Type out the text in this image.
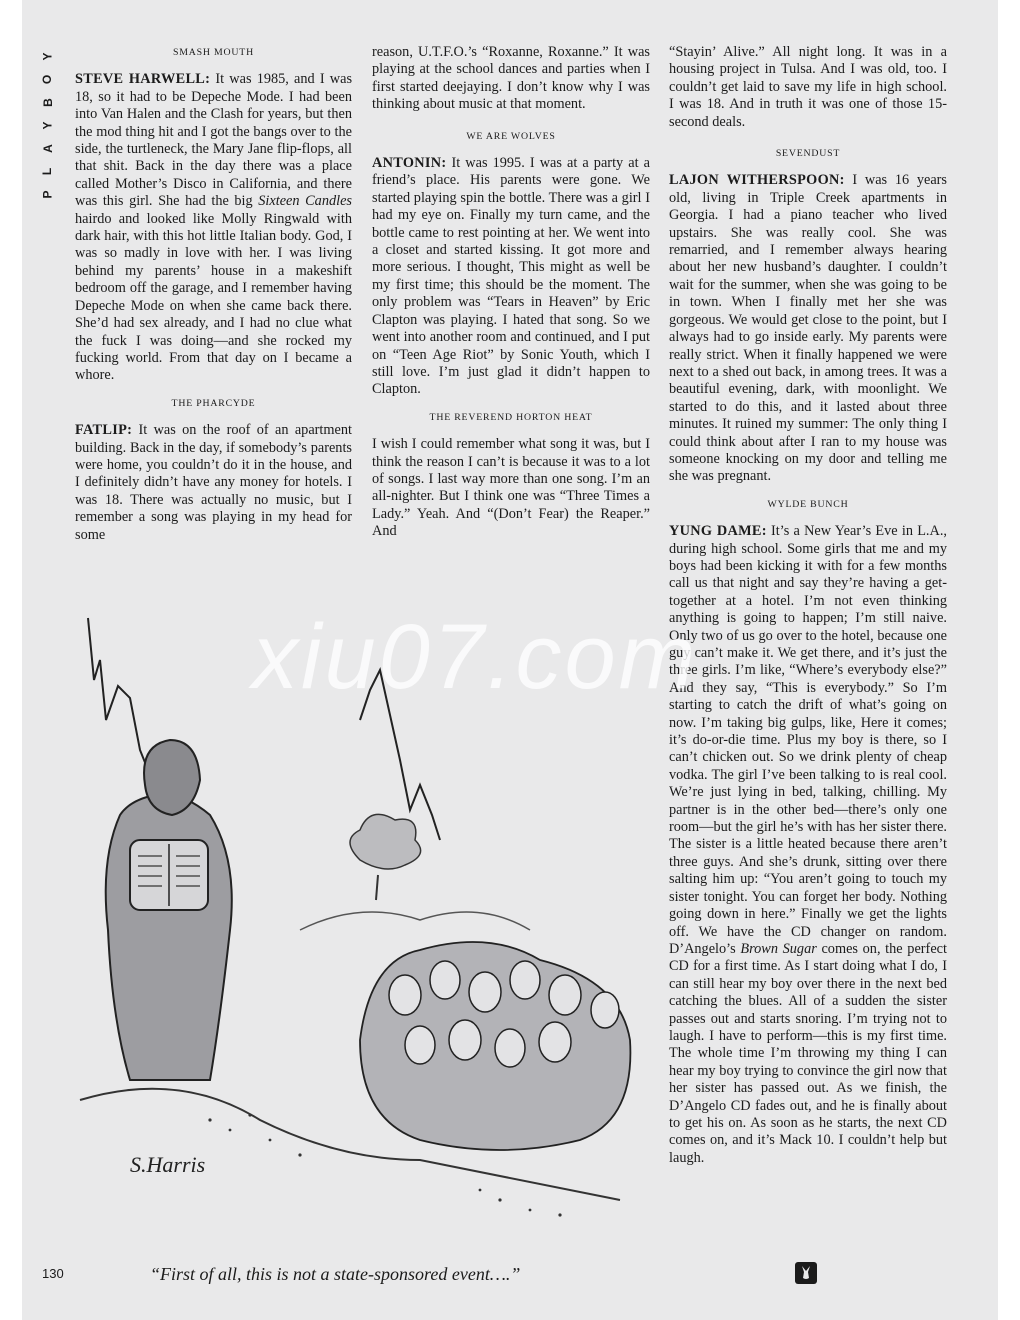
Y
O
B
Y
A
L
P
SMASH MOUTH

STEVE HARWELL: It was 1985, and I was 18, so it had to be Depeche Mode. I had been into Van Halen and the Clash for years, but then the mod thing hit and I got the bangs over to the side, the turtleneck, the Mary Jane flip-flops, all that shit. Back in the day there was a place called Mother’s Disco in California, and there was this girl. She had the big Sixteen Candles hairdo and looked like Molly Ringwald with dark hair, with this hot little Italian body. God, I was so madly in love with her. I was living behind my parents’ house in a makeshift bedroom off the garage, and I remember having Depeche Mode on when she came back there. She’d had sex already, and I had no clue what the fuck I was doing—and she rocked my fucking world. From that day on I became a whore.

THE PHARCYDE

FATLIP: It was on the roof of an apartment building. Back in the day, if somebody’s parents were home, you couldn’t do it in the house, and I definitely didn’t have any money for hotels. I was 18. There was actually no music, but I remember a song was playing in my head for some

reason, U.T.F.O.’s “Roxanne, Roxanne.” It was playing at the school dances and parties when I first started deejaying. I don’t know why I was thinking about music at that moment.

WE ARE WOLVES

ANTONIN: It was 1995. I was at a party at a friend’s place. His parents were gone. We started playing spin the bottle. There was a girl I had my eye on. Finally my turn came, and the bottle came to rest pointing at her. We went into a closet and started kissing. It got more and more serious. I thought, This might as well be my first time; this should be the moment. The only problem was “Tears in Heaven” by Eric Clapton was playing. I hated that song. So we went into another room and continued, and I put on “Teen Age Riot” by Sonic Youth, which I still love. I’m just glad it didn’t happen to Clapton.

THE REVEREND HORTON HEAT

I wish I could remember what song it was, but I think the reason I can’t is because it was to a lot of songs. I last way more than one song. I’m an all-nighter. But I think one was “Three Times a Lady.” Yeah. And “(Don’t Fear) the Reaper.” And

“Stayin’ Alive.” All night long. It was in a housing project in Tulsa. And I was old, too. I couldn’t get laid to save my life in high school. I was 18. And in truth it was one of those 15-second deals.

SEVENDUST

LAJON WITHERSPOON: I was 16 years old, living in Triple Creek apartments in Georgia. I had a piano teacher who lived upstairs. She was really cool. She was remarried, and I remember always hearing about her new husband’s daughter. I couldn’t wait for the summer, when she was going to be in town. When I finally met her she was gorgeous. We would get close to the point, but I always had to go inside early. My parents were really strict. When it finally happened we were next to a shed out back, in among trees. It was a beautiful evening, dark, with moonlight. We started to do this, and it lasted about three minutes. It ruined my summer: The only thing I could think about after I ran to my house was someone knocking on my door and telling me she was pregnant.

WYLDE BUNCH

YUNG DAME: It’s a New Year’s Eve in L.A., during high school. Some girls that me and my boys had been kicking it with for a few months call us that night and say they’re having a get-together at a hotel. I’m not even thinking anything is going to happen; I’m still naive. Only two of us go over to the hotel, because one guy can’t make it. We get there, and it’s just the three girls. I’m like, “Where’s everybody else?” And they say, “This is everybody.” So I’m starting to catch the drift of what’s going on now. I’m taking big gulps, like, Here it comes; it’s do-or-die time. Plus my boy is there, so I can’t chicken out. So we drink plenty of cheap vodka. The girl I’ve been talking to is real cool. We’re just lying in bed, talking, chilling. My partner is in the other bed—there’s only one room—but the girl he’s with has her sister there. The sister is a little heated because there aren’t three guys. And she’s drunk, sitting over there salting him up: “You aren’t going to touch my sister tonight. You can forget her body. Nothing going down in here.” Finally we get the lights off. We have the CD changer on random. D’Angelo’s Brown Sugar comes on, the perfect CD for a first time. As I start doing what I do, I can still hear my boy over there in the next bed catching the blues. All of a sudden the sister passes out and starts snoring. I’m trying not to laugh. I have to perform—this is my first time. The whole time I’m throwing my thing I can hear my boy trying to convince the girl now that her sister has passed out. As we finish, the D’Angelo CD fades out, and he is finally about to get his on. As soon as he starts, the next CD comes on, and it’s Mack 10. I couldn’t help but laugh.

S.Harris
“First of all, this is not a state-sponsored event….”
130
xiu07.com
